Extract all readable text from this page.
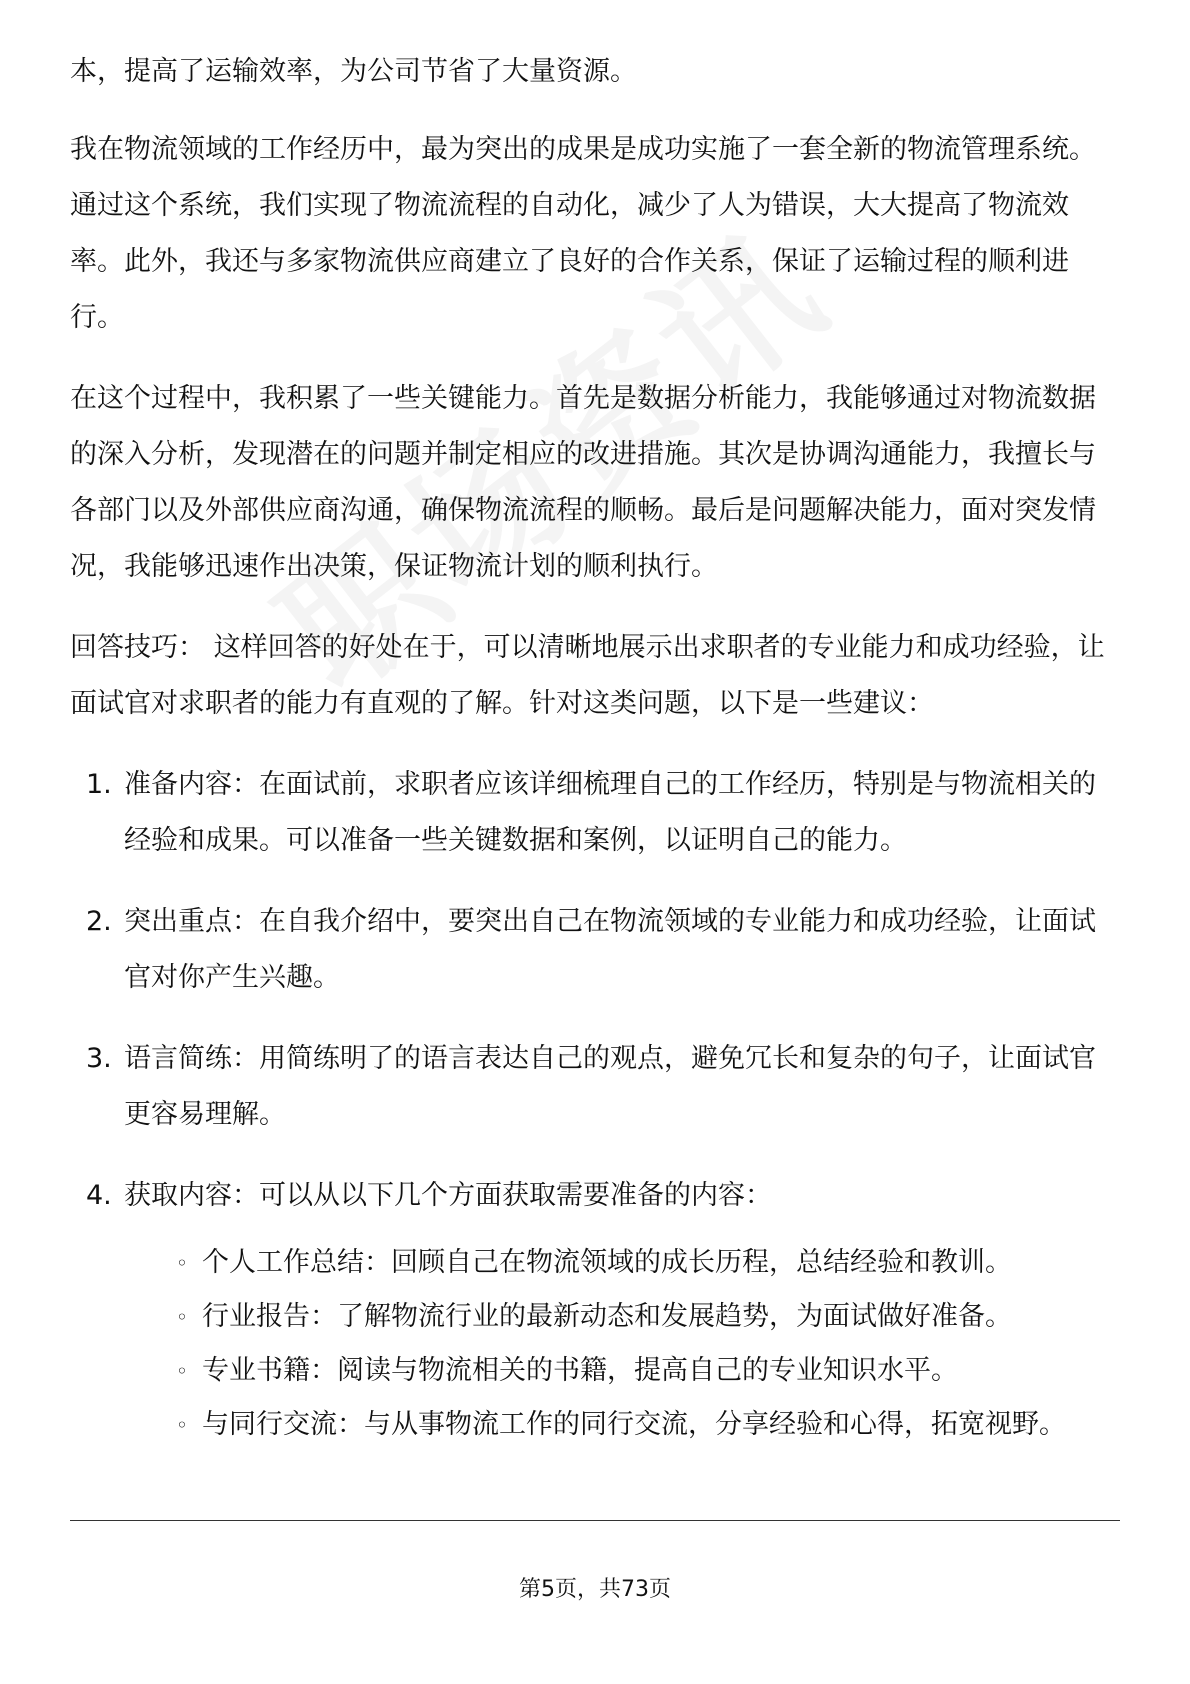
本，提高了运输效率，为公司节省了大量资源。

我在物流领域的工作经历中，最为突出的成果是成功实施了一套全新的物流管理系统。通过这个系统，我们实现了物流流程的自动化，减少了人为错误，大大提高了物流效率。此外，我还与多家物流供应商建立了良好的合作关系，保证了运输过程的顺利进行。

在这个过程中，我积累了一些关键能力。首先是数据分析能力，我能够通过对物流数据的深入分析，发现潜在的问题并制定相应的改进措施。其次是协调沟通能力，我擅长与各部门以及外部供应商沟通，确保物流流程的顺畅。最后是问题解决能力，面对突发情况，我能够迅速作出决策，保证物流计划的顺利执行。

回答技巧： 这样回答的好处在于，可以清晰地展示出求职者的专业能力和成功经验，让面试官对求职者的能力有直观的了解。针对这类问题，以下是一些建议：

1. 准备内容：在面试前，求职者应该详细梳理自己的工作经历，特别是与物流相关的经验和成果。可以准备一些关键数据和案例，以证明自己的能力。
2. 突出重点：在自我介绍中，要突出自己在物流领域的专业能力和成功经验，让面试官对你产生兴趣。
3. 语言简练：用简练明了的语言表达自己的观点，避免冗长和复杂的句子，让面试官更容易理解。
4. 获取内容：可以从以下几个方面获取需要准备的内容：
◦ 个人工作总结：回顾自己在物流领域的成长历程，总结经验和教训。
◦ 行业报告：了解物流行业的最新动态和发展趋势，为面试做好准备。
◦ 专业书籍：阅读与物流相关的书籍，提高自己的专业知识水平。
◦ 与同行交流：与从事物流工作的同行交流，分享经验和心得，拓宽视野。
第5页，共73页
